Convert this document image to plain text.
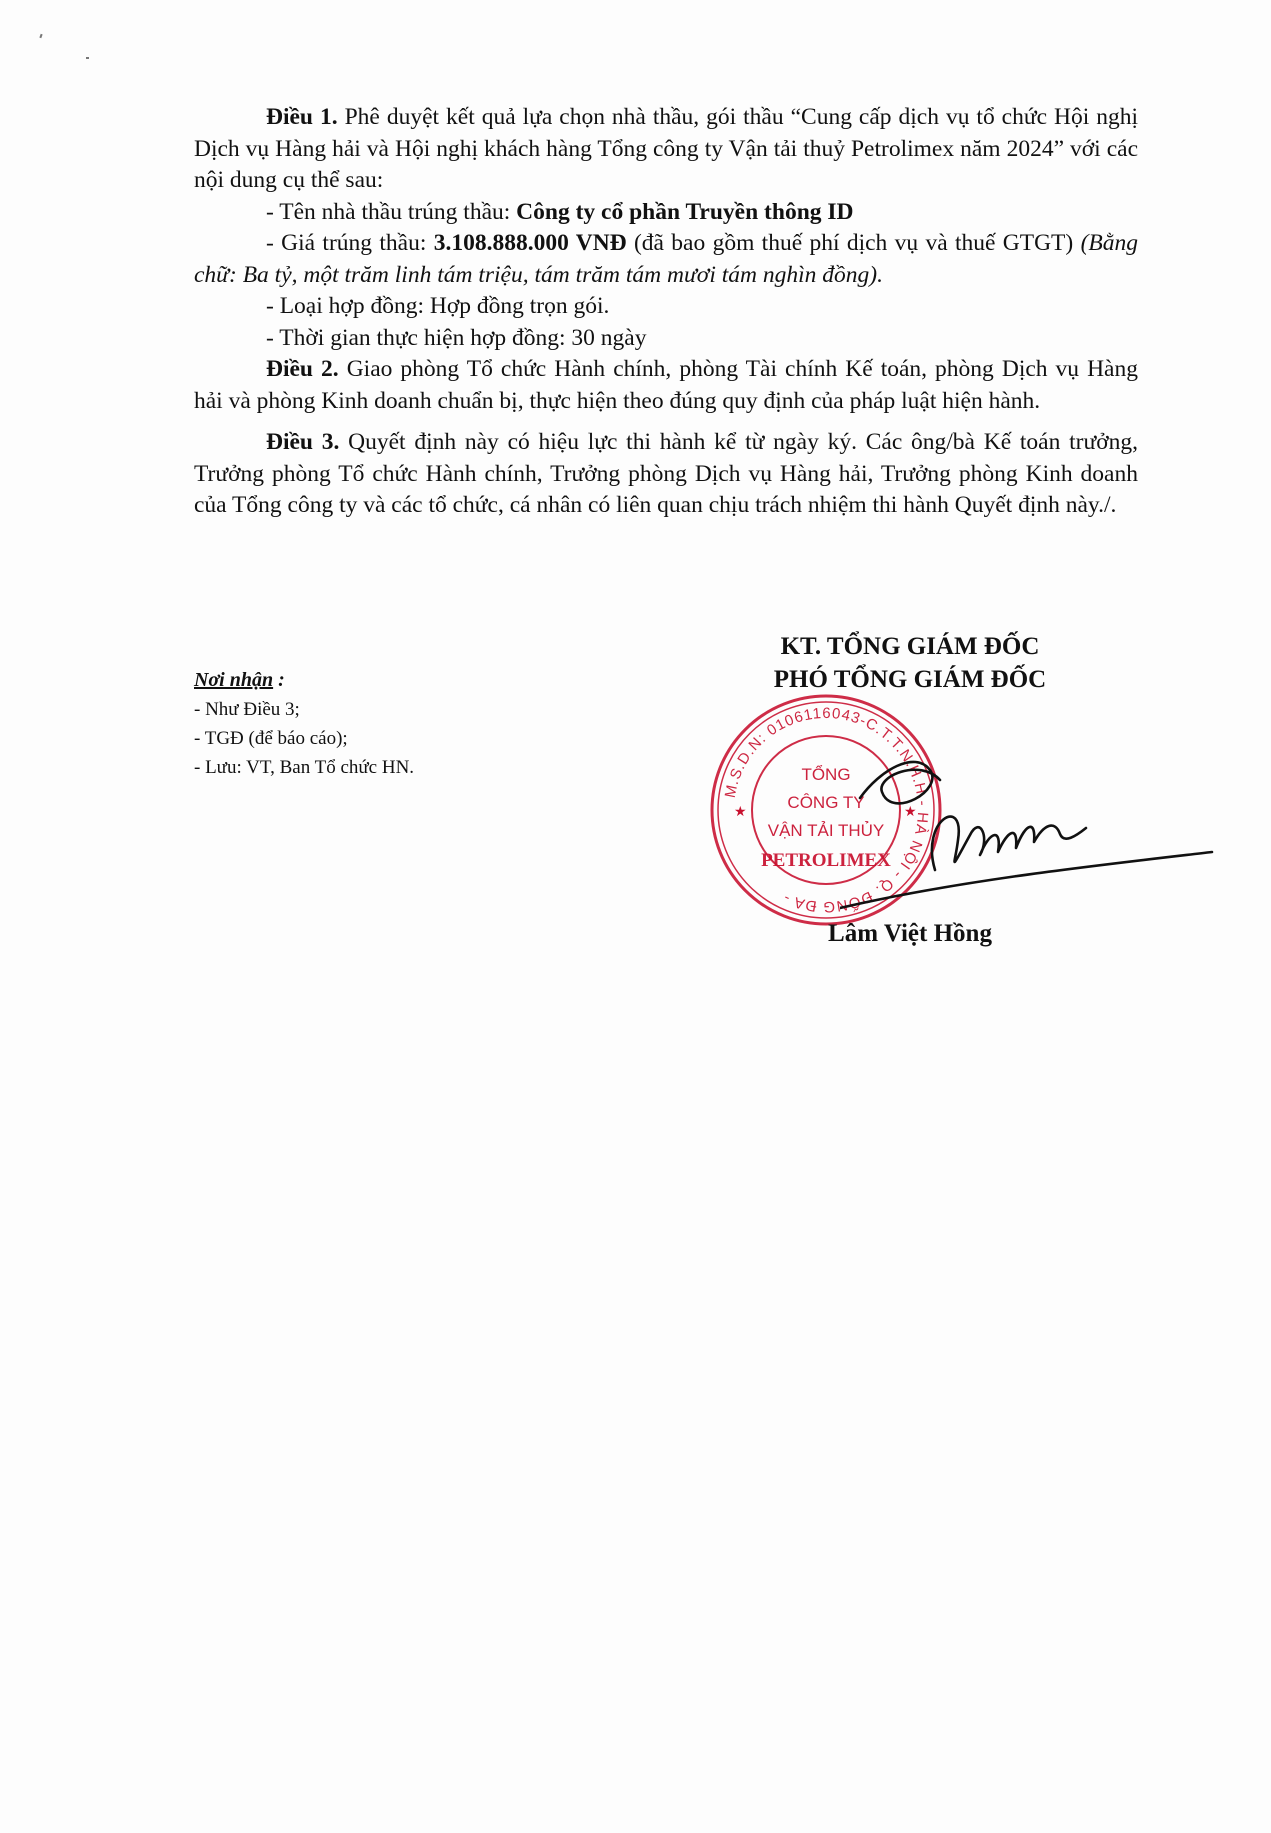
Điều 1. Phê duyệt kết quả lựa chọn nhà thầu, gói thầu “Cung cấp dịch vụ tổ chức Hội nghị Dịch vụ Hàng hải và Hội nghị khách hàng Tổng công ty Vận tải thuỷ Petrolimex năm 2024” với các nội dung cụ thể sau:

- Tên nhà thầu trúng thầu: Công ty cổ phần Truyền thông ID

- Giá trúng thầu: 3.108.888.000 VNĐ (đã bao gồm thuế phí dịch vụ và thuế GTGT) (Bằng chữ: Ba tỷ, một trăm linh tám triệu, tám trăm tám mươi tám nghìn đồng).

- Loại hợp đồng: Hợp đồng trọn gói.

- Thời gian thực hiện hợp đồng: 30 ngày

Điều 2. Giao phòng Tổ chức Hành chính, phòng Tài chính Kế toán, phòng Dịch vụ Hàng hải và phòng Kinh doanh chuẩn bị, thực hiện theo đúng quy định của pháp luật hiện hành.

Điều 3. Quyết định này có hiệu lực thi hành kể từ ngày ký. Các ông/bà Kế toán trưởng, Trưởng phòng Tổ chức Hành chính, Trưởng phòng Dịch vụ Hàng hải, Trưởng phòng Kinh doanh của Tổng công ty và các tổ chức, cá nhân có liên quan chịu trách nhiệm thi hành Quyết định này./.

KT. TỔNG GIÁM ĐỐC
PHÓ TỔNG GIÁM ĐỐC
Nơi nhận :
- Như Điều 3;
- TGĐ (để báo cáo);
- Lưu: VT, Ban Tổ chức HN.
M.S.D.N: 0106116043-C.T.T.N.H.H - HÀ NỘI - Q. ĐỐNG ĐA -
★	★
TỔNG
CÔNG TY
VẬN TẢI THỦY
PETROLIMEX
Lâm Việt Hồng
